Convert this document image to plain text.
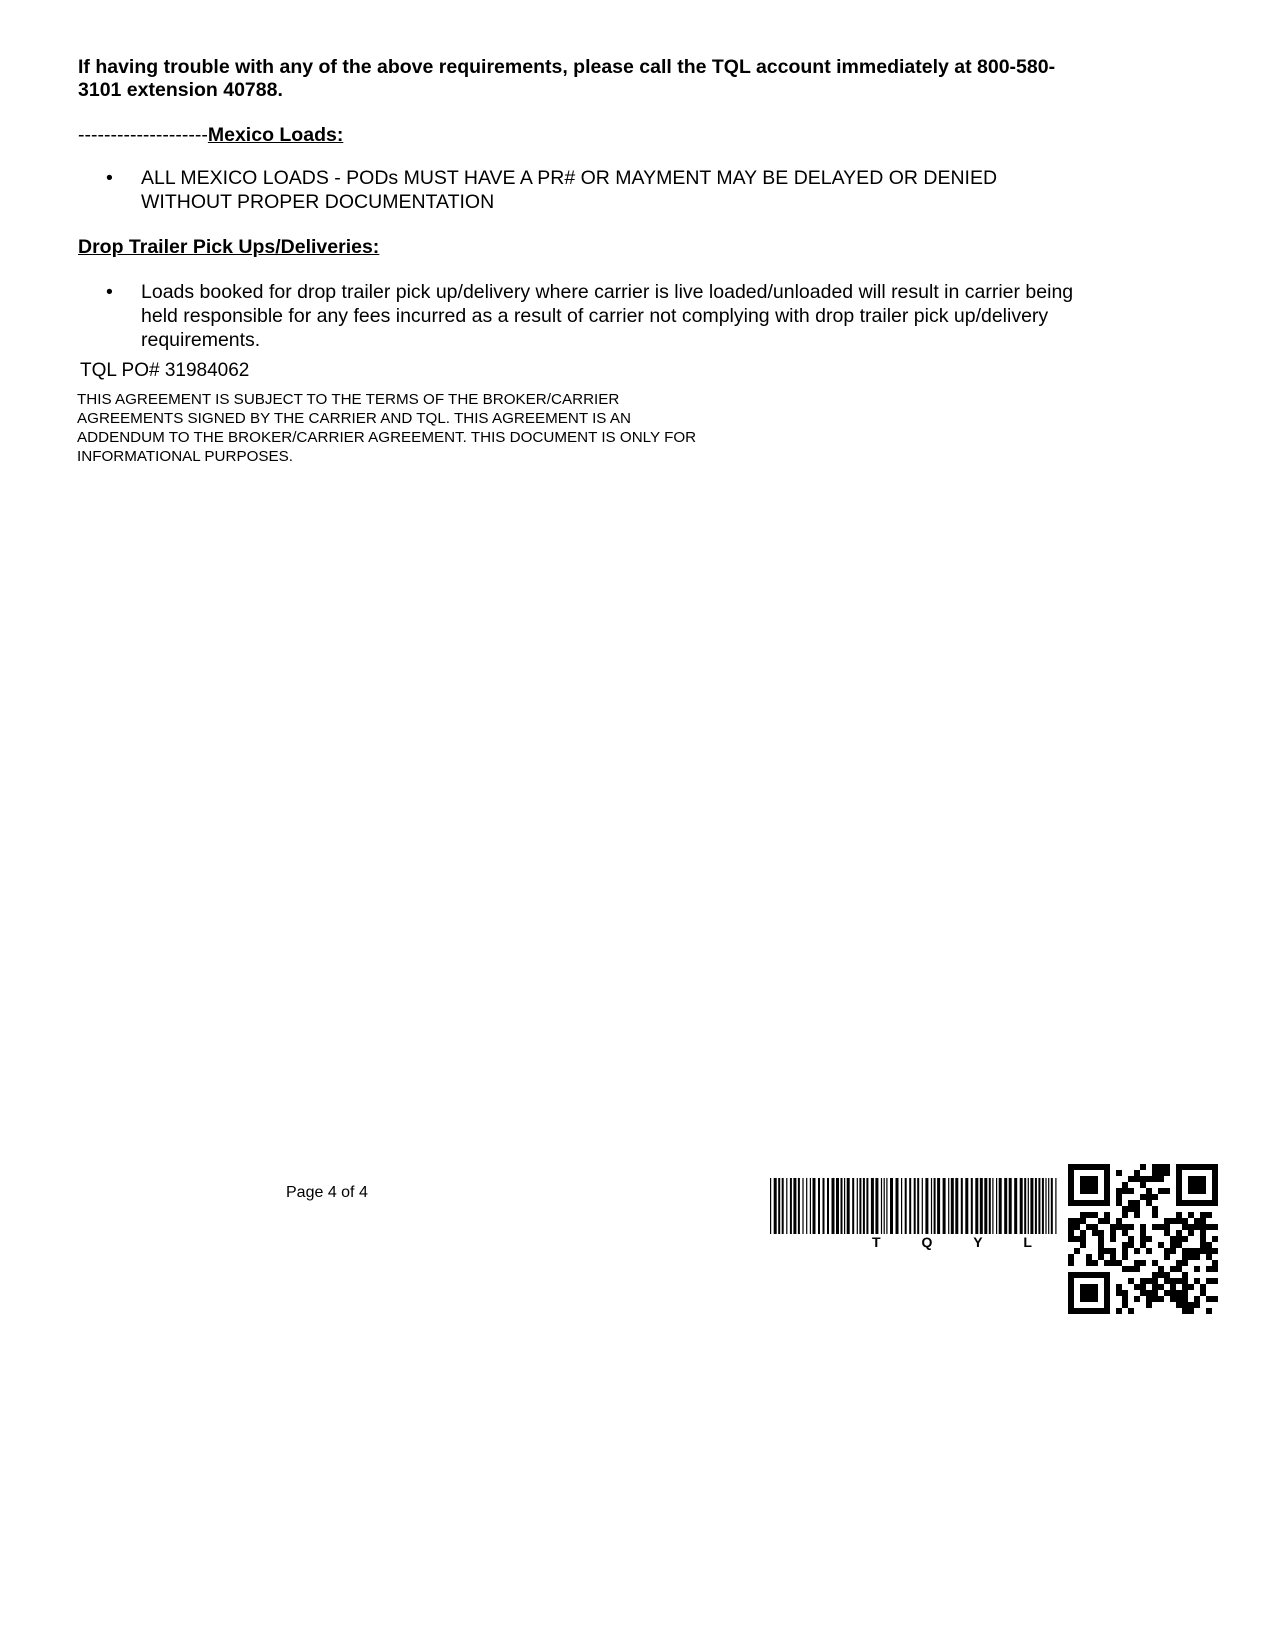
If having trouble with any of the above requirements, please call the TQL account immediately at 800-580-3101 extension 40788.

--------------------Mexico Loads:

• ALL MEXICO LOADS - PODs MUST HAVE A PR# OR MAYMENT MAY BE DELAYED OR DENIED WITHOUT PROPER DOCUMENTATION

Drop Trailer Pick Ups/Deliveries:

• Loads booked for drop trailer pick up/delivery where carrier is live loaded/unloaded will result in carrier being held responsible for any fees incurred as a result of carrier not complying with drop trailer pick up/delivery requirements.

TQL PO# 31984062

THIS AGREEMENT IS SUBJECT TO THE TERMS OF THE BROKER/CARRIER
AGREEMENTS SIGNED BY THE CARRIER AND TQL. THIS AGREEMENT IS AN
ADDENDUM TO THE BROKER/CARRIER AGREEMENT. THIS DOCUMENT IS ONLY FOR
INFORMATIONAL PURPOSES.

Page 4 of 4

T	Q	Y	L
